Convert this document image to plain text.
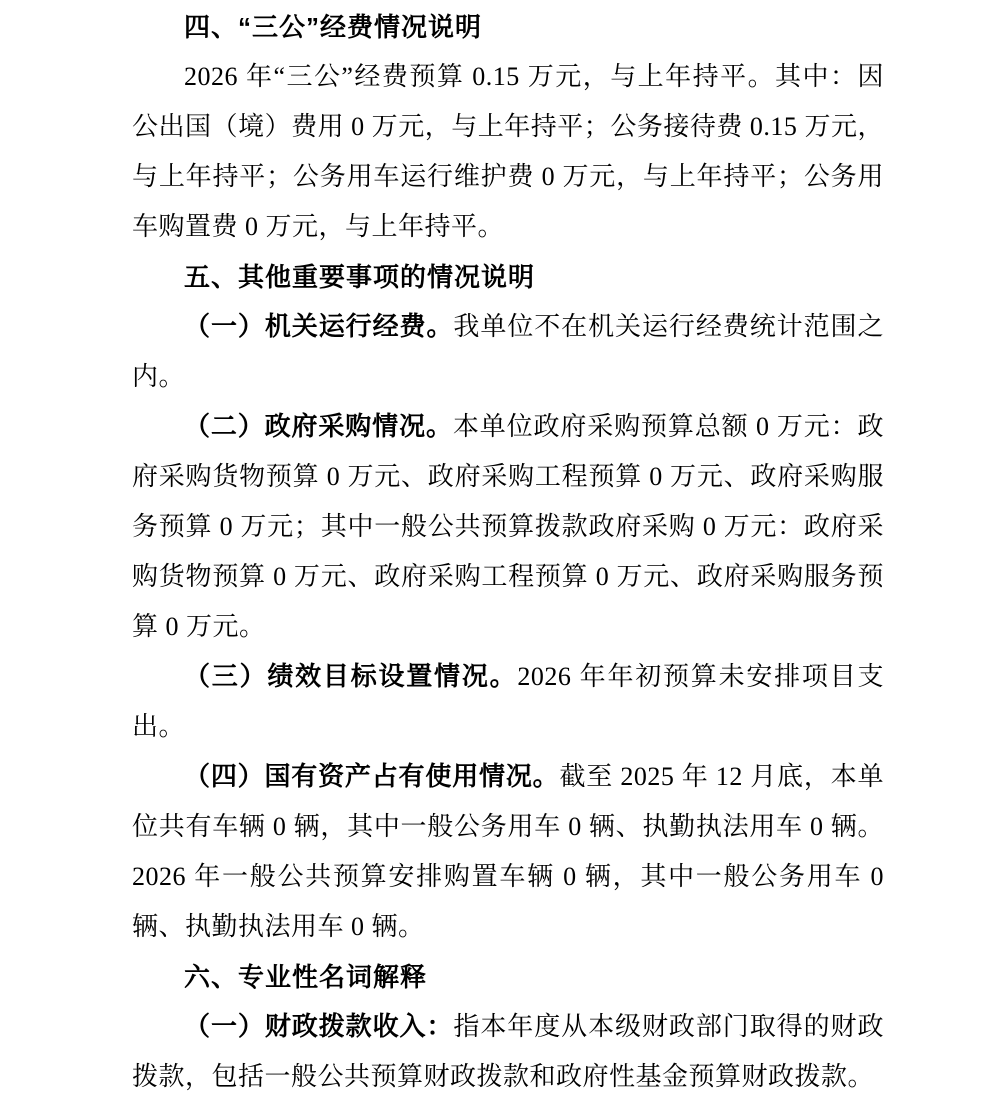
四、“三公”经费情况说明

2026 年“三公”经费预算 0.15 万元，与上年持平。其中：因公出国（境）费用 0 万元，与上年持平；公务接待费 0.15 万元，与上年持平；公务用车运行维护费 0 万元，与上年持平；公务用车购置费 0 万元，与上年持平。

五、其他重要事项的情况说明

（一）机关运行经费。我单位不在机关运行经费统计范围之内。

（二）政府采购情况。本单位政府采购预算总额 0 万元：政府采购货物预算 0 万元、政府采购工程预算 0 万元、政府采购服务预算 0 万元；其中一般公共预算拨款政府采购 0 万元：政府采购货物预算 0 万元、政府采购工程预算 0 万元、政府采购服务预算 0 万元。

（三）绩效目标设置情况。2026 年年初预算未安排项目支出。

（四）国有资产占有使用情况。截至 2025 年 12 月底，本单位共有车辆 0 辆，其中一般公务用车 0 辆、执勤执法用车 0 辆。2026 年一般公共预算安排购置车辆 0 辆，其中一般公务用车 0 辆、执勤执法用车 0 辆。

六、专业性名词解释

（一）财政拨款收入：指本年度从本级财政部门取得的财政拨款，包括一般公共预算财政拨款和政府性基金预算财政拨款。
